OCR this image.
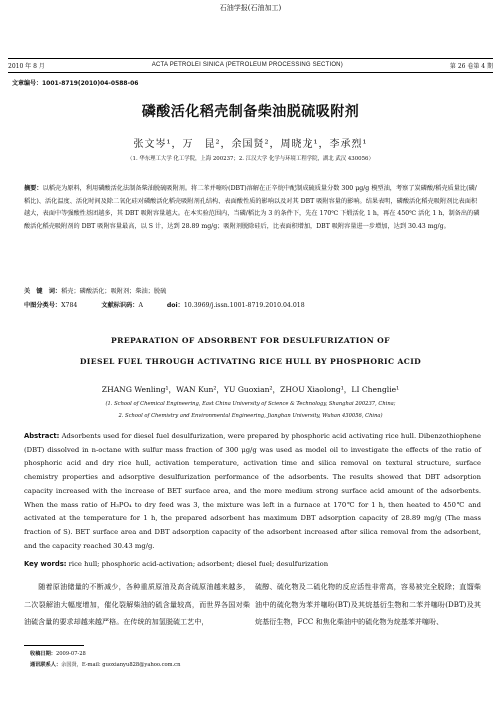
石油学报(石油加工)
2010 年 8 月	ACTA PETROLEI SINICA (PETROLEUM PROCESSING SECTION)	第 26 卷第 4 期
文章编号：1001-8719(2010)04-0588-06
磷酸活化稻壳制备柴油脱硫吸附剂
张文岑¹，万　昆²，余国贤²，周晓龙¹，李承烈¹
（1. 华东理工大学 化工学院，上海 200237；2. 江汉大学 化学与环境工程学院，湖北 武汉 430056）
摘要：以稻壳为原料，利用磷酸活化法制备柴油脱硫吸附剂。将二苯并噻吩(DBT)溶解在正辛烷中配制成硫质量分数 300 μg/g 模型油，考察了炭磷酸/稻壳质量比(磷/稻比)、活化温度、活化时间及除二氧化硅对磷酸活化稻壳吸附剂孔结构、表面酸性质的影响以及对其 DBT 吸附容量的影响。结果表明，磷酸活化稻壳吸附剂比表面积越大，表面中等强酸性基团越多，其 DBT 吸附容量越大。在本实验范围内，当磷/稻比为 3 的条件下，先在 170℃ 下煅活化 1 h，再在 450℃ 活化 1 h，制备出的磷酸活化稻壳吸附剂的 DBT 吸附容量最高，以 S 计，达到 28.89 mg/g；吸附剂脱除硅后，比表面积增加，DBT 吸附容量进一步增加，达到 30.43 mg/g。
关　键　词：稻壳；磷酸活化；吸附剂；柴油；脱硫
中图分类号：X784	文献标识码：A	doi：10.3969/j.issn.1001-8719.2010.04.018
PREPARATION OF ADSORBENT FOR DESULFURIZATION OF
DIESEL FUEL THROUGH ACTIVATING RICE HULL BY PHOSPHORIC ACID
ZHANG Wenling¹，WAN Kun²，YU Guoxian²，ZHOU Xiaolong¹，LI Chenglie¹
(1. School of Chemical Engineering, East China University of Science & Technology, Shanghai 200237, China;
2. School of Chemistry and Environmental Engineering, Jianghan University, Wuhan 430056, China)
Abstract: Adsorbents used for diesel fuel desulfurization, were prepared by phosphoric acid activating rice hull. Dibenzothiophene (DBT) dissolved in n-octane with sulfur mass fraction of 300 μg/g was used as model oil to investigate the effects of the ratio of phosphoric acid and dry rice hull, activation temperature, activation time and silica removal on textural structure, surface chemistry properties and adsorptive desulfurization performance of the adsorbents. The results showed that DBT adsorption capacity increased with the increase of BET surface area, and the more medium strong surface acid amount of the adsorbents. When the mass ratio of H₃PO₄ to dry feed was 3, the mixture was left in a furnace at 170℃ for 1 h, then heated to 450℃ and activated at the temperature for 1 h, the prepared adsorbent has maximum DBT adsorption capacity of 28.89 mg/g (The mass fraction of S). BET surface area and DBT adsorption capacity of the adsorbent increased after silica removal from the adsorbent, and the capacity reached 30.43 mg/g.
Key words: rice hull; phosphoric acid-activation; adsorbent; diesel fuel; desulfurization
随着原油储量的不断减少，各种重质原油及高含硫原油越来越多，二次裂解油大幅度增加，催化裂解柴油的硫含量较高，而世界各国对柴油硫含量的要求却越来越严格。在传统的加氢脱硫工艺中，
硫醇、硫化物及二硫化物的反应活性非常高，容易被完全脱除；直馏柴油中的硫化物为苯并噻吩(BT)及其烷基衍生物和二苯并噻吩(DBT)及其烷基衍生物，FCC 和焦化柴油中的硫化物为烷基苯并噻吩、
收稿日期：2009-07-28
通讯联系人：余国贤，E-mail: guoxianyu828@yahoo.com.cn
